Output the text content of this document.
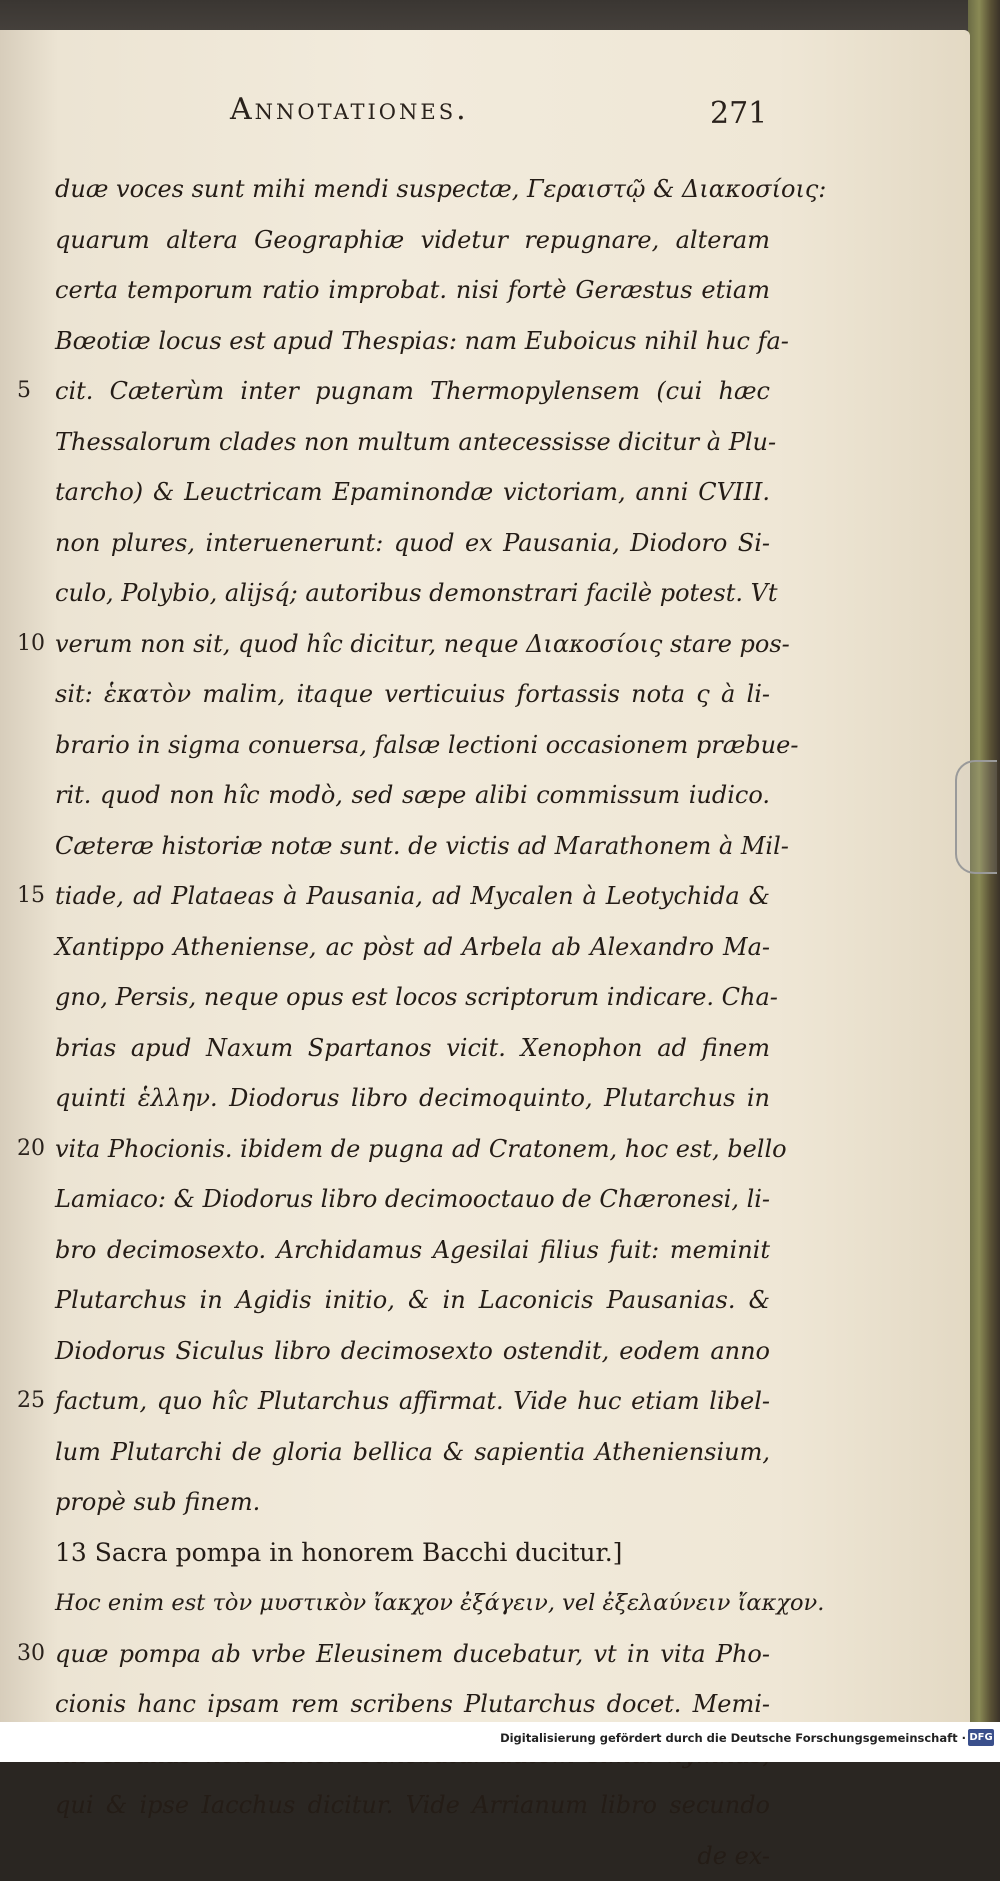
Annotationes.	271
duæ voces sunt mihi mendi suspectæ, Γεραιστῷ & Διακοσίοις:
quarum altera Geographiæ videtur repugnare, alteram
certa temporum ratio improbat. nisi fortè Geræstus etiam
Bœotiæ locus est apud Thespias: nam Euboicus nihil huc fa-
5	cit. Cæterùm inter pugnam Thermopylensem (cui hæc
Thessalorum clades non multum antecessisse dicitur à Plu-
tarcho) & Leuctricam Epaminondæ victoriam, anni CVIII.
non plures, interuenerunt: quod ex Pausania, Diodoro Si-
culo, Polybio, alijsq́; autoribus demonstrari facilè potest. Vt
10 verum non sit, quod hîc dicitur, neque Διακοσίοις stare pos-
sit: ἑκατὸν malim, itaque verticuius fortassis nota ς à li-
brario in sigma conuersa, falsæ lectioni occasionem præbue-
rit. quod non hîc modò, sed sæpe alibi commissum iudico.
Cæteræ historiæ notæ sunt. de victis ad Marathonem à Mil-
15 tiade, ad Plataeas à Pausania, ad Mycalen à Leotychida &
Xantippo Atheniense, ac pòst ad Arbela ab Alexandro Ma-
gno, Persis, neque opus est locos scriptorum indicare. Cha-
brias apud Naxum Spartanos vicit. Xenophon ad finem
quinti ἑλλην. Diodorus libro decimoquinto, Plutarchus in
20 vita Phocionis. ibidem de pugna ad Cratonem, hoc est, bello
Lamiaco: & Diodorus libro decimooctauo de Chæronesi, li-
bro decimosexto. Archidamus Agesilai filius fuit: meminit
Plutarchus in Agidis initio, & in Laconicis Pausanias. &
Diodorus Siculus libro decimosexto ostendit, eodem anno
25 factum, quo hîc Plutarchus affirmat. Vide huc etiam libel-
lum Plutarchi de gloria bellica & sapientia Atheniensium,
propè sub finem.
13 Sacra pompa in honorem Bacchi ducitur.]
Hoc enim est τὸν μυστικὸν ἴακχον ἐξάγειν, vel ἐξελαύνειν ἴακχον.
30 quæ pompa ab vrbe Eleusinem ducebatur, vt in vita Pho-
cionis hanc ipsam rem scribens Plutarchus docet. Memi-
qui & ipse Iacchus dicitur. Vide Arrianum libro secundo
de ex-
Digitalisierung gefördert durch die Deutsche Forschungsgemeinschaft · DFG
